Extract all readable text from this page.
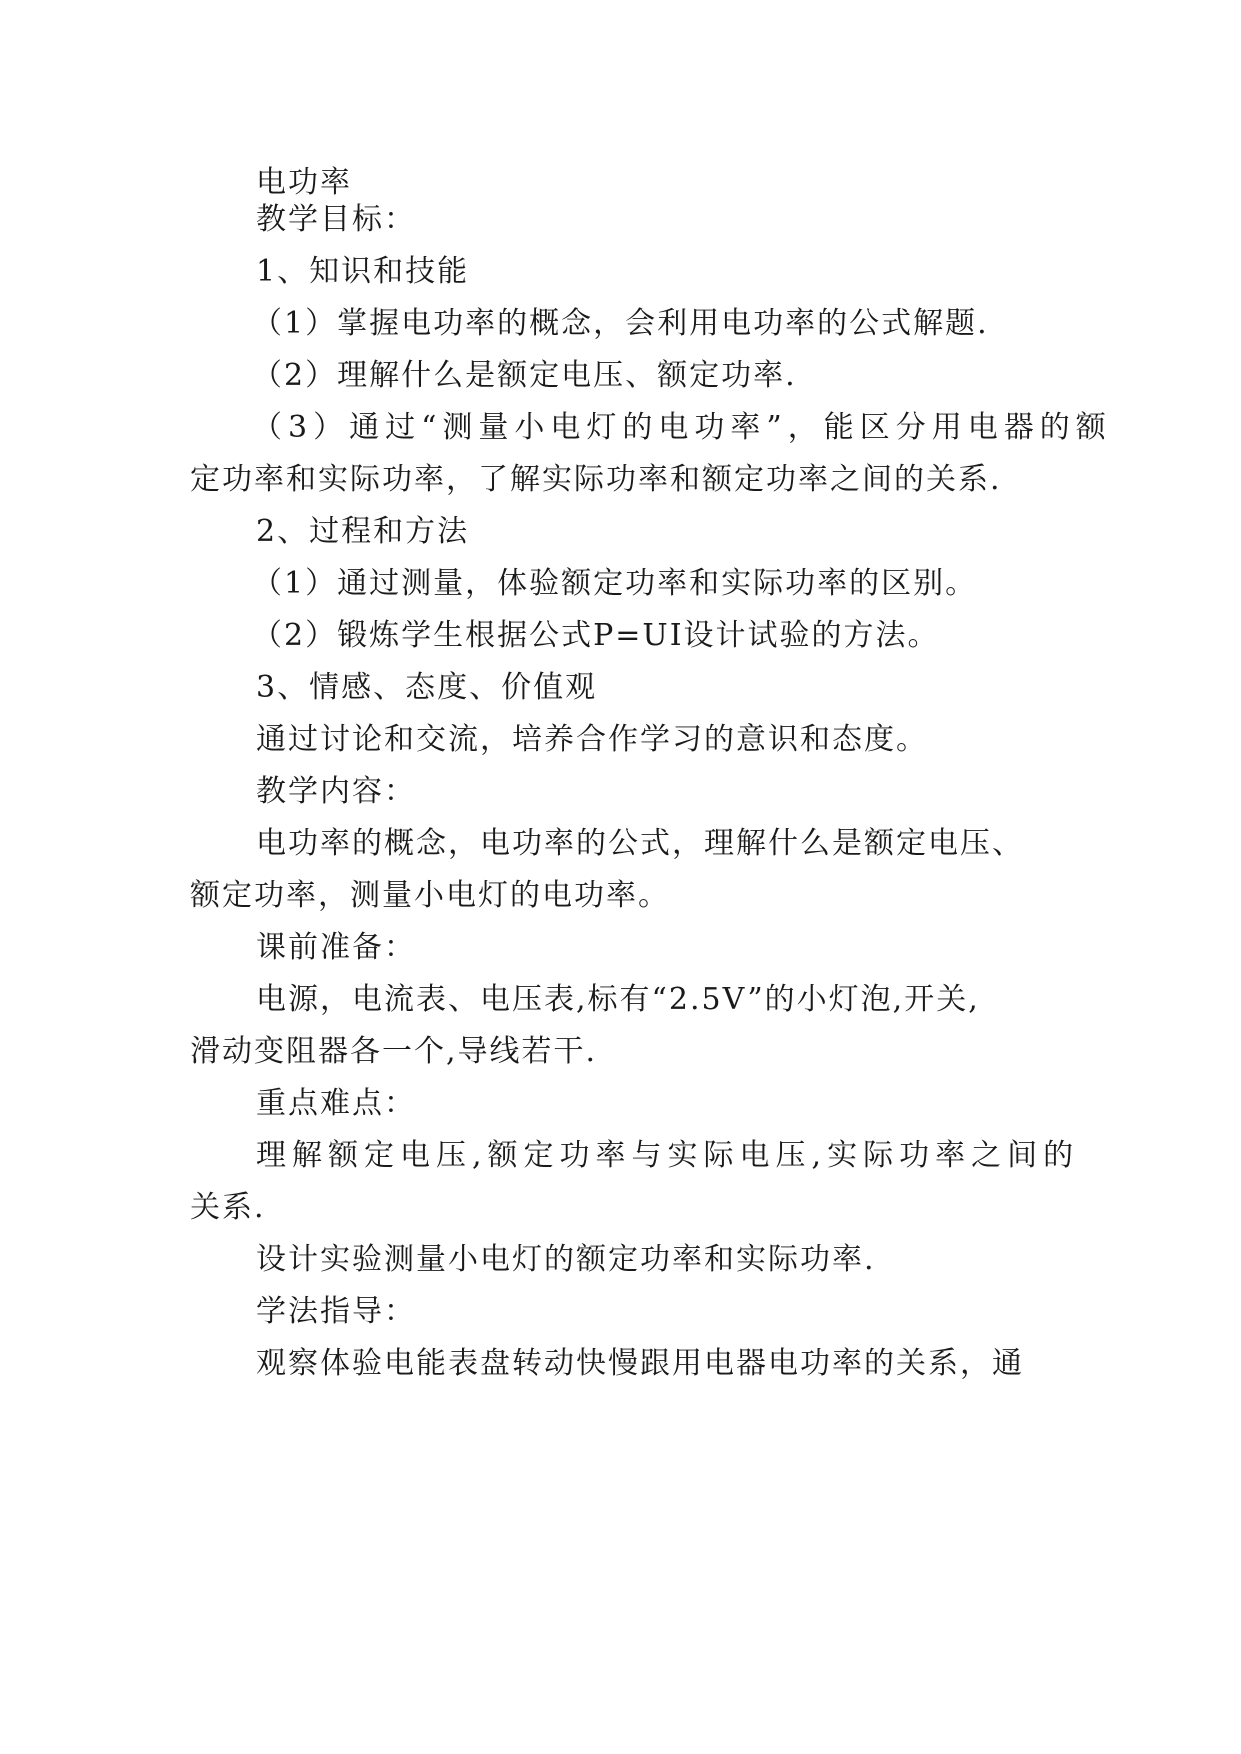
电功率

教学目标：

1、知识和技能

（1）掌握电功率的概念，会利用电功率的公式解题.

（2）理解什么是额定电压、额定功率.

（3）通过“测量小电灯的电功率”，能区分用电器的额

定功率和实际功率，了解实际功率和额定功率之间的关系.

2、过程和方法

（1）通过测量，体验额定功率和实际功率的区别。

（2）锻炼学生根据公式P=UI设计试验的方法。

3、情感、态度、价值观

通过讨论和交流，培养合作学习的意识和态度。

教学内容：

电功率的概念，电功率的公式，理解什么是额定电压、

额定功率，测量小电灯的电功率。

课前准备：

电源，电流表、电压表,标有“2.5V”的小灯泡,开关,

滑动变阻器各一个,导线若干.

重点难点：

理解额定电压,额定功率与实际电压,实际功率之间的

关系.

设计实验测量小电灯的额定功率和实际功率.

学法指导：

观察体验电能表盘转动快慢跟用电器电功率的关系，通
